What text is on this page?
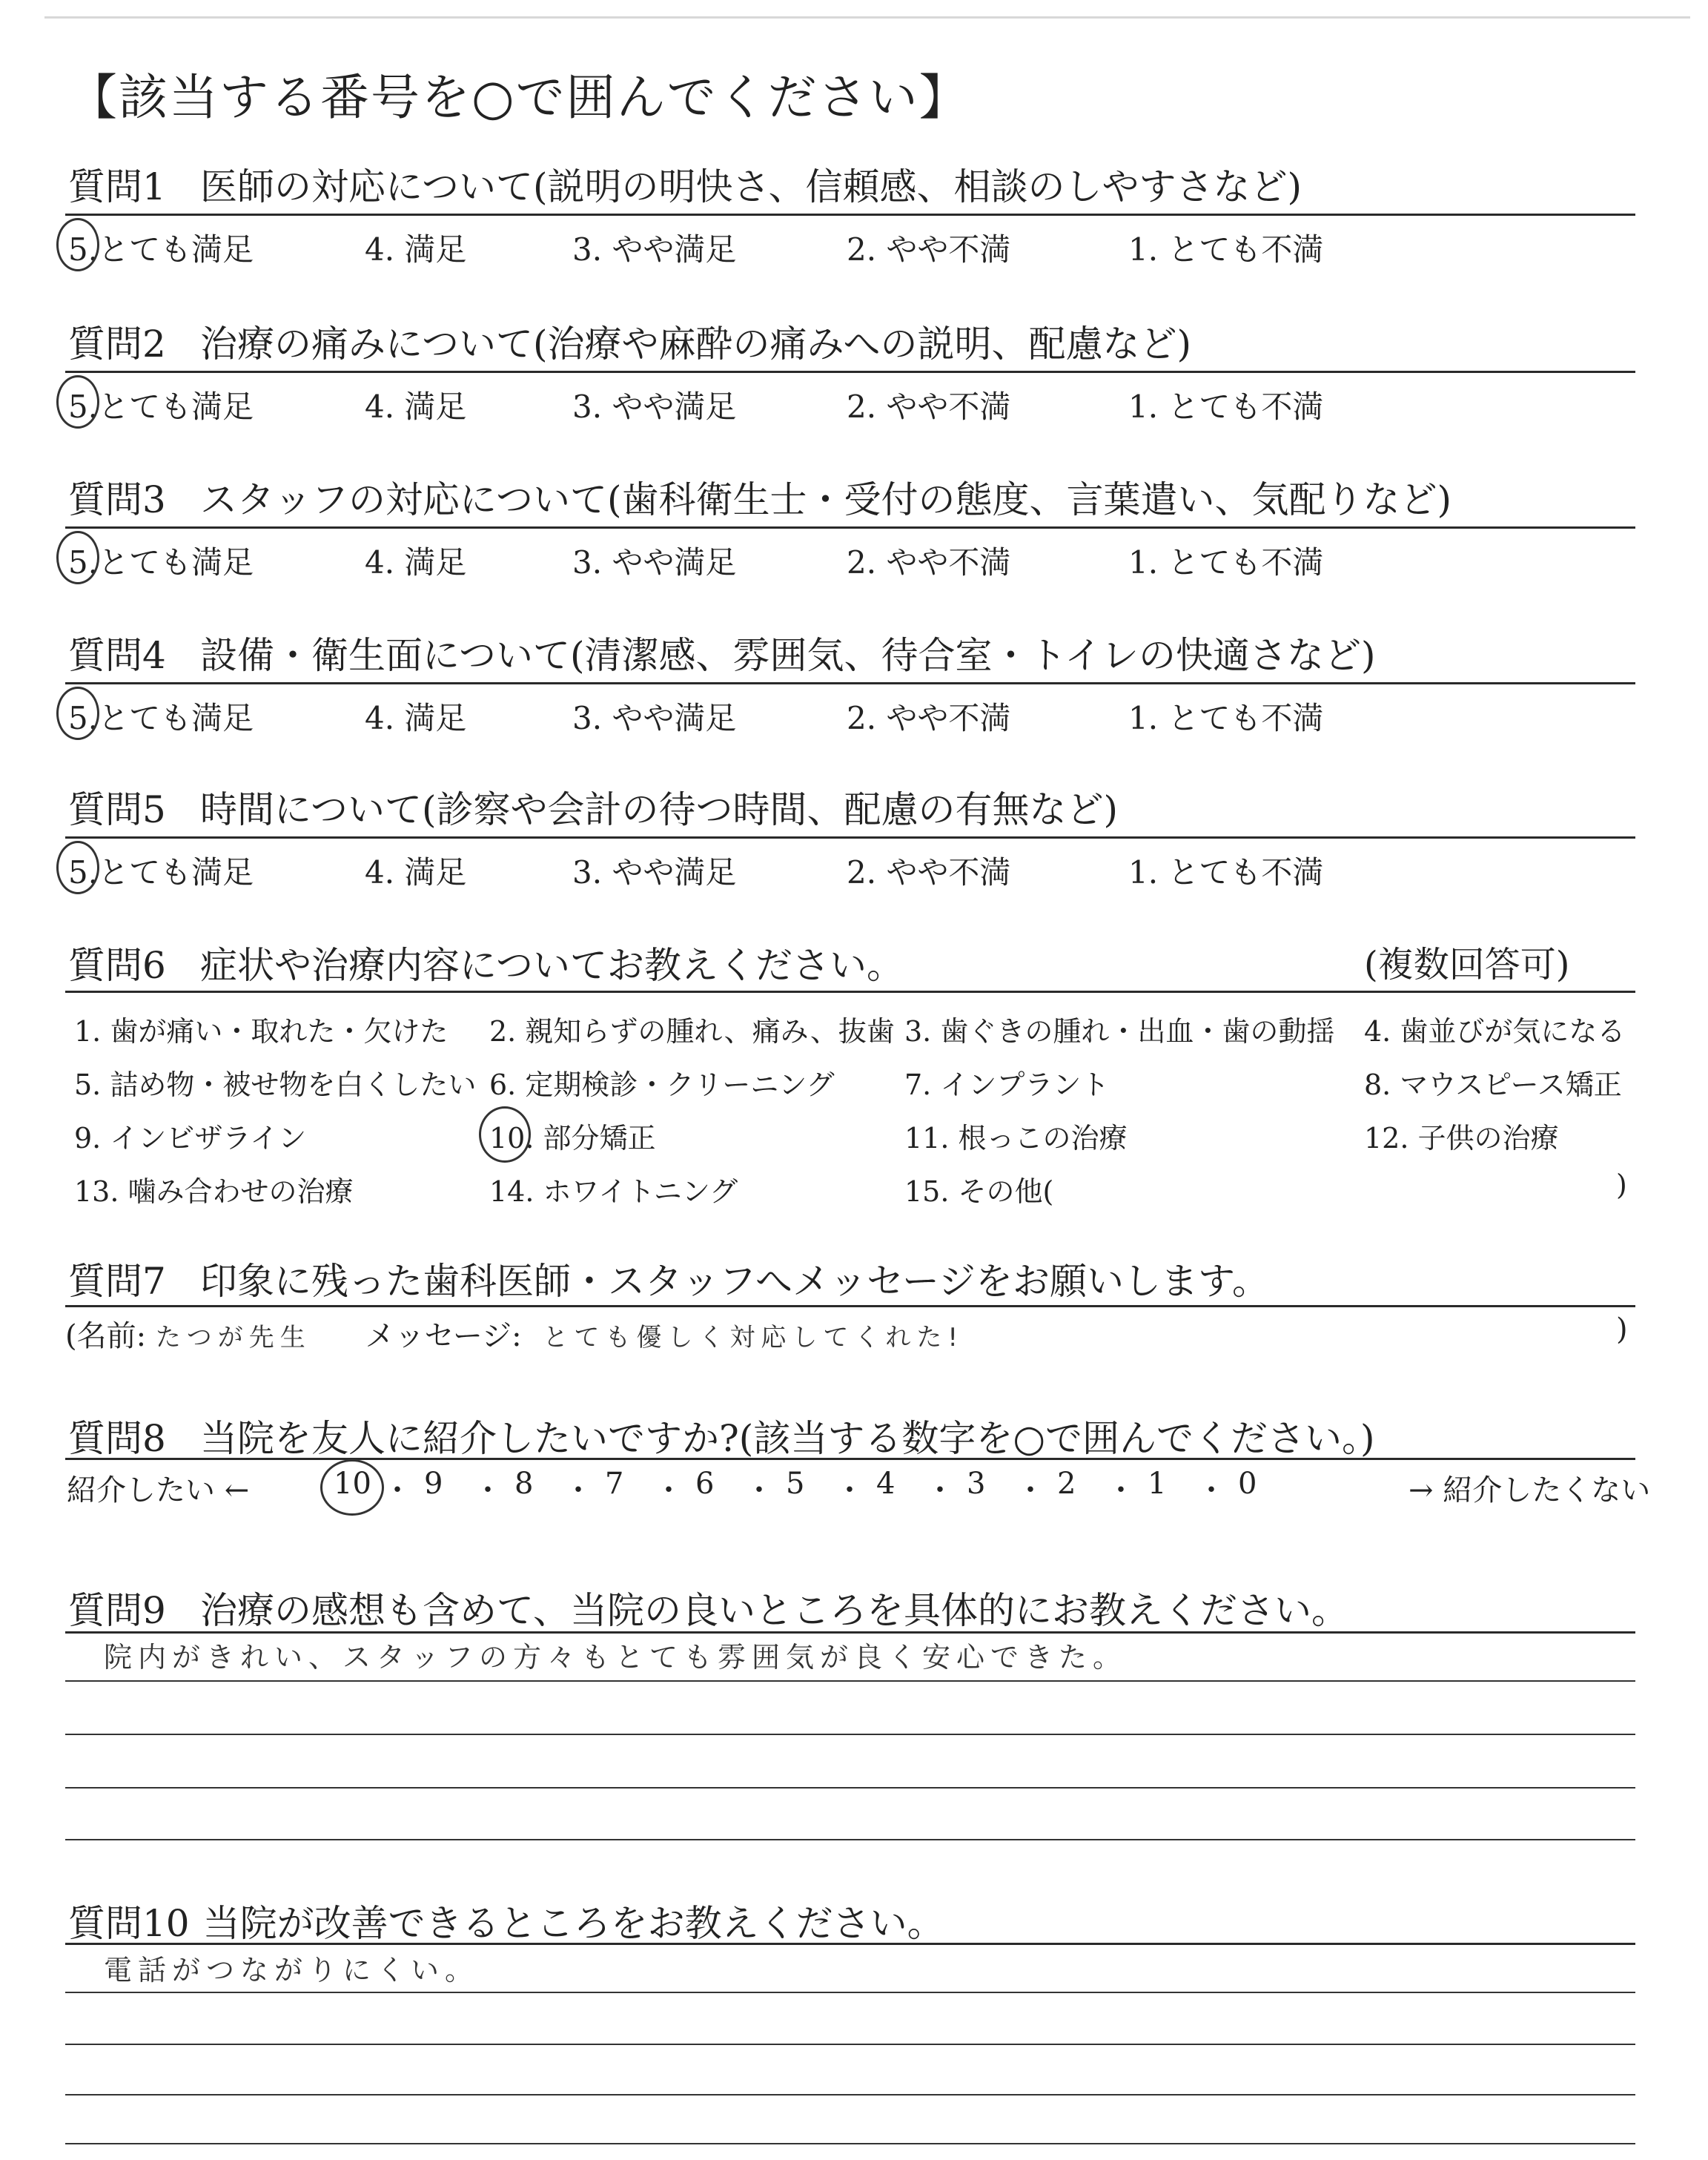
【該当する番号を○で囲んでください】
質問1 医師の対応について(説明の明快さ、信頼感、相談のしやすさなど)
5.とても満足	4. 満足	3. やや満足	2. やや不満	1. とても不満
質問2 治療の痛みについて(治療や麻酔の痛みへの説明、配慮など)
5.とても満足	4. 満足	3. やや満足	2. やや不満	1. とても不満
質問3 スタッフの対応について(歯科衛生士・受付の態度、言葉遣い、気配りなど)
5.とても満足	4. 満足	3. やや満足	2. やや不満	1. とても不満
質問4 設備・衛生面について(清潔感、雰囲気、待合室・トイレの快適さなど)
5.とても満足	4. 満足	3. やや満足	2. やや不満	1. とても不満
質問5 時間について(診察や会計の待つ時間、配慮の有無など)
5.とても満足	4. 満足	3. やや満足	2. やや不満	1. とても不満
質問6 症状や治療内容についてお教えください。	(複数回答可)
1. 歯が痛い・取れた・欠けた 2. 親知らずの腫れ、痛み、抜歯 3. 歯ぐきの腫れ・出血・歯の動揺 4. 歯並びが気になる
5. 詰め物・被せ物を白くしたい 6. 定期検診・クリーニング 7. インプラント	8. マウスピース矯正
9. インビザライン	10. 部分矯正	11. 根っこの治療	12. 子供の治療
13. 噛み合わせの治療	14. ホワイトニング	15. その他(	)
質問7 印象に残った歯科医師・スタッフへメッセージをお願いします。
(名前: たつが先生 メッセージ: とても優しく対応してくれた!	)
質問8 当院を友人に紹介したいですか?(該当する数字を○で囲んでください。)
紹介したい ←	→ 紹介したくない
10 ・ 9 ・ 8 ・ 7 ・ 6 ・ 5 ・ 4 ・ 3 ・ 2 ・ 1 ・ 0
質問9 治療の感想も含めて、当院の良いところを具体的にお教えください。
院内がきれい、スタッフの方々もとても雰囲気が良く安心できた。
質問10 当院が改善できるところをお教えください。
電話がつながりにくい。
